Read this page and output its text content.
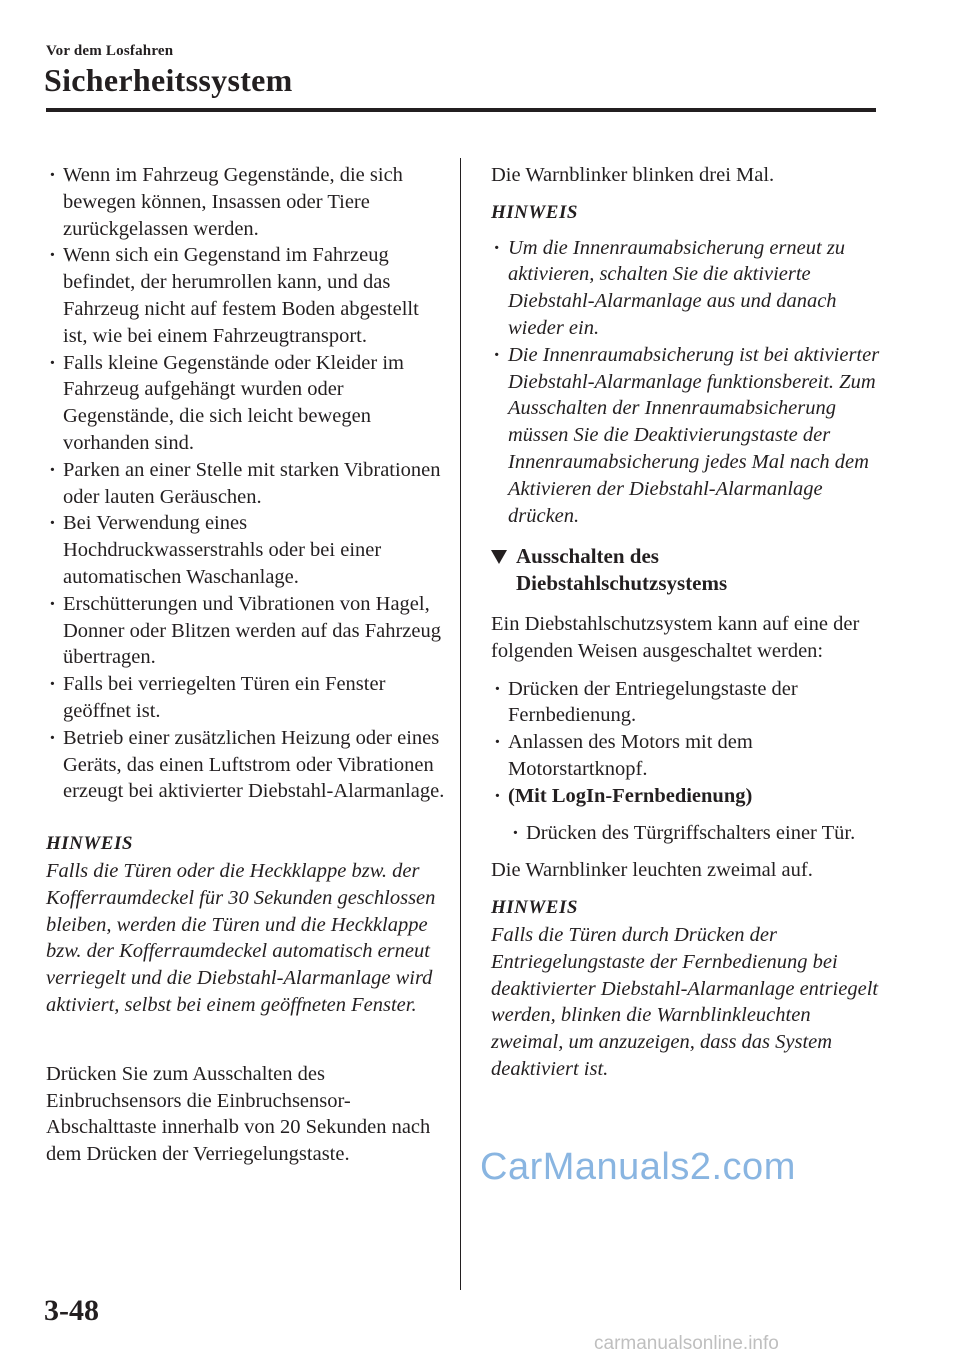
Vor dem Losfahren
Sicherheitssystem
· Wenn im Fahrzeug Gegenstände, die sich bewegen können, Insassen oder Tiere zurückgelassen werden.
· Wenn sich ein Gegenstand im Fahrzeug befindet, der herumrollen kann, und das Fahrzeug nicht auf festem Boden abgestellt ist, wie bei einem Fahrzeugtransport.
· Falls kleine Gegenstände oder Kleider im Fahrzeug aufgehängt wurden oder Gegenstände, die sich leicht bewegen vorhanden sind.
· Parken an einer Stelle mit starken Vibrationen oder lauten Geräuschen.
· Bei Verwendung eines Hochdruckwasserstrahls oder bei einer automatischen Waschanlage.
· Erschütterungen und Vibrationen von Hagel, Donner oder Blitzen werden auf das Fahrzeug übertragen.
· Falls bei verriegelten Türen ein Fenster geöffnet ist.
· Betrieb einer zusätzlichen Heizung oder eines Geräts, das einen Luftstrom oder Vibrationen erzeugt bei aktivierter Diebstahl-Alarmanlage.

HINWEIS

Falls die Türen oder die Heckklappe bzw. der Kofferraumdeckel für 30 Sekunden geschlossen bleiben, werden die Türen und die Heckklappe bzw. der Kofferraumdeckel automatisch erneut verriegelt und die Diebstahl-Alarmanlage wird aktiviert, selbst bei einem geöffneten Fenster.

Drücken Sie zum Ausschalten des Einbruchsensors die Einbruchsensor-Abschalttaste innerhalb von 20 Sekunden nach dem Drücken der Verriegelungstaste.

Die Warnblinker blinken drei Mal.

HINWEIS

· Um die Innenraumabsicherung erneut zu aktivieren, schalten Sie die aktivierte Diebstahl-Alarmanlage aus und danach wieder ein.
· Die Innenraumabsicherung ist bei aktivierter Diebstahl-Alarmanlage funktionsbereit. Zum Ausschalten der Innenraumabsicherung müssen Sie die Deaktivierungstaste der Innenraumabsicherung jedes Mal nach dem Aktivieren der Diebstahl-Alarmanlage drücken.
Ausschalten des
Diebstahlschutzsystems

Ein Diebstahlschutzsystem kann auf eine der folgenden Weisen ausgeschaltet werden:

· Drücken der Entriegelungstaste der Fernbedienung.
· Anlassen des Motors mit dem Motorstartknopf.
· (Mit LogIn-Fernbedienung)
· Drücken des Türgriffschalters einer Tür.

Die Warnblinker leuchten zweimal auf.

HINWEIS

Falls die Türen durch Drücken der Entriegelungstaste der Fernbedienung bei deaktivierter Diebstahl-Alarmanlage entriegelt werden, blinken die Warnblinkleuchten zweimal, um anzuzeigen, dass das System deaktiviert ist.

3-48
CarManuals2.com
carmanualsonline.info
